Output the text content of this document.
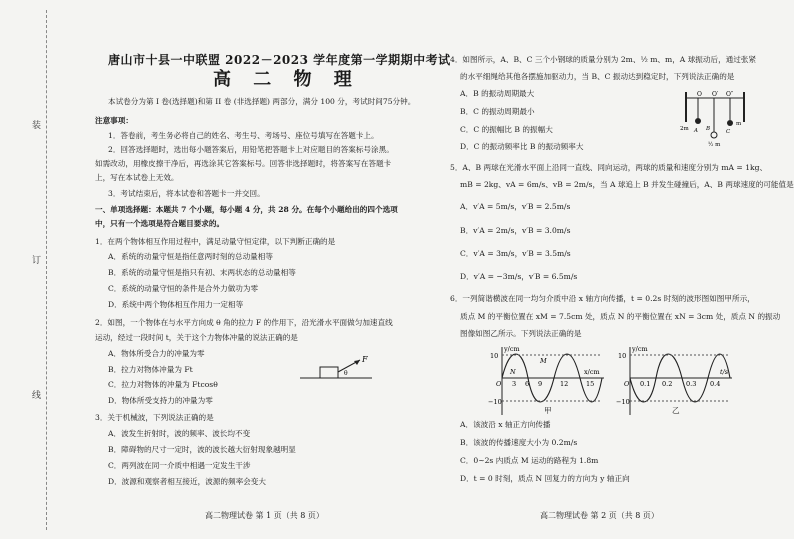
装
订
线
唐山市十县一中联盟 2022－2023 学年度第一学期期中考试
高 二 物 理
本试卷分为第 I 卷(选择题)和第 II 卷 (非选择题) 两部分，满分 100 分，考试时间75分钟。
注意事项：
1．答卷前，考生务必将自己的姓名、考生号、考场号、座位号填写在答题卡上。
2．回答选择题时，选出每小题答案后，用铅笔把答题卡上对应题目的答案标号涂黑。
如需改动，用橡皮擦干净后，再选涂其它答案标号。回答非选择题时，将答案写在答题卡
上，写在本试卷上无效。
3．考试结束后，将本试卷和答题卡一并交回。
一、单项选择题：本题共 7 个小题，每小题 4 分，共 28 分。在每个小题给出的四个选项
中，只有一个选项是符合题目要求的。
1．在两个物体相互作用过程中，满足动量守恒定律，以下判断正确的是
A．系统的动量守恒是指任意两时刻的总动量相等
B．系统的动量守恒是指只有初、末两状态的总动量相等
C．系统的动量守恒的条件是合外力做功为零
D．系统中两个物体相互作用力一定相等
2．如图，一个物体在与水平方向成 θ 角的拉力 F 的作用下，沿光滑水平面做匀加速直线
运动，经过一段时间 t，关于这个力物体冲量的说法正确的是
A．物体所受合力的冲量为零
B．拉力对物体冲量为 Ft
C．拉力对物体的冲量为 Ftcosθ
D．物体所受支持力的冲量为零
F
θ
3．关于机械波，下列说法正确的是
A．波发生折射时，波的频率、波长均不变
B．障碍物的尺寸一定时，波的波长越大衍射现象越明显
C．两列波在同一介质中相遇一定发生干涉
D．波源和观察者相互接近，波源的频率会变大
高二物理试卷 第 1 页（共 8 页）
4．如图所示，A、B、C 三个小钢球的质量分别为 2m、½ m、m，A 球振动后，通过张紧
的水平细绳给其他各摆施加驱动力，当 B、C 振动达到稳定时，下列说法正确的是
A．B 的振动周期最大
B．C 的振动周期最小
C．C 的振幅比 B 的振幅大
D．C 的振动频率比 B 的振动频率大
O O′ O″
2m A B	C
m
½ m
5．A、B 两球在光滑水平面上沿同一直线、同向运动，两球的质量和速度分别为 mA = 1kg、
mB = 2kg、vA = 6m/s、vB = 2m/s，当 A 球追上 B 并发生碰撞后，A、B 两球速度的可能值是
A．v′A = 5m/s，v′B = 2.5m/s
B．v′A = 2m/s，v′B = 3.0m/s
C．v′A = 3m/s，v′B = 3.5m/s
D．v′A = −3m/s，v′B = 6.5m/s
6．一列简谐横波在同一均匀介质中沿 x 轴方向传播，t = 0.2s 时刻的波形图如图甲所示，
质点 M 的平衡位置在 xM = 7.5cm 处，质点 N 的平衡位置在 xN = 3cm 处，质点 N 的振动
图像如图乙所示。下列说法正确的是
y/cm
x/cm
10
−10
O
N
M
3 6 9	12	15
甲
y/cm
t/s
10
−10
O 0.1 0.2 0.3 0.4
乙
A．该波沿 x 轴正方向传播
B．该波的传播速度大小为 0.2m/s
C．0~2s 内质点 M 运动的路程为 1.8m
D．t = 0 时刻，质点 N 回复力的方向为 y 轴正向
高二物理试卷 第 2 页（共 8 页）
